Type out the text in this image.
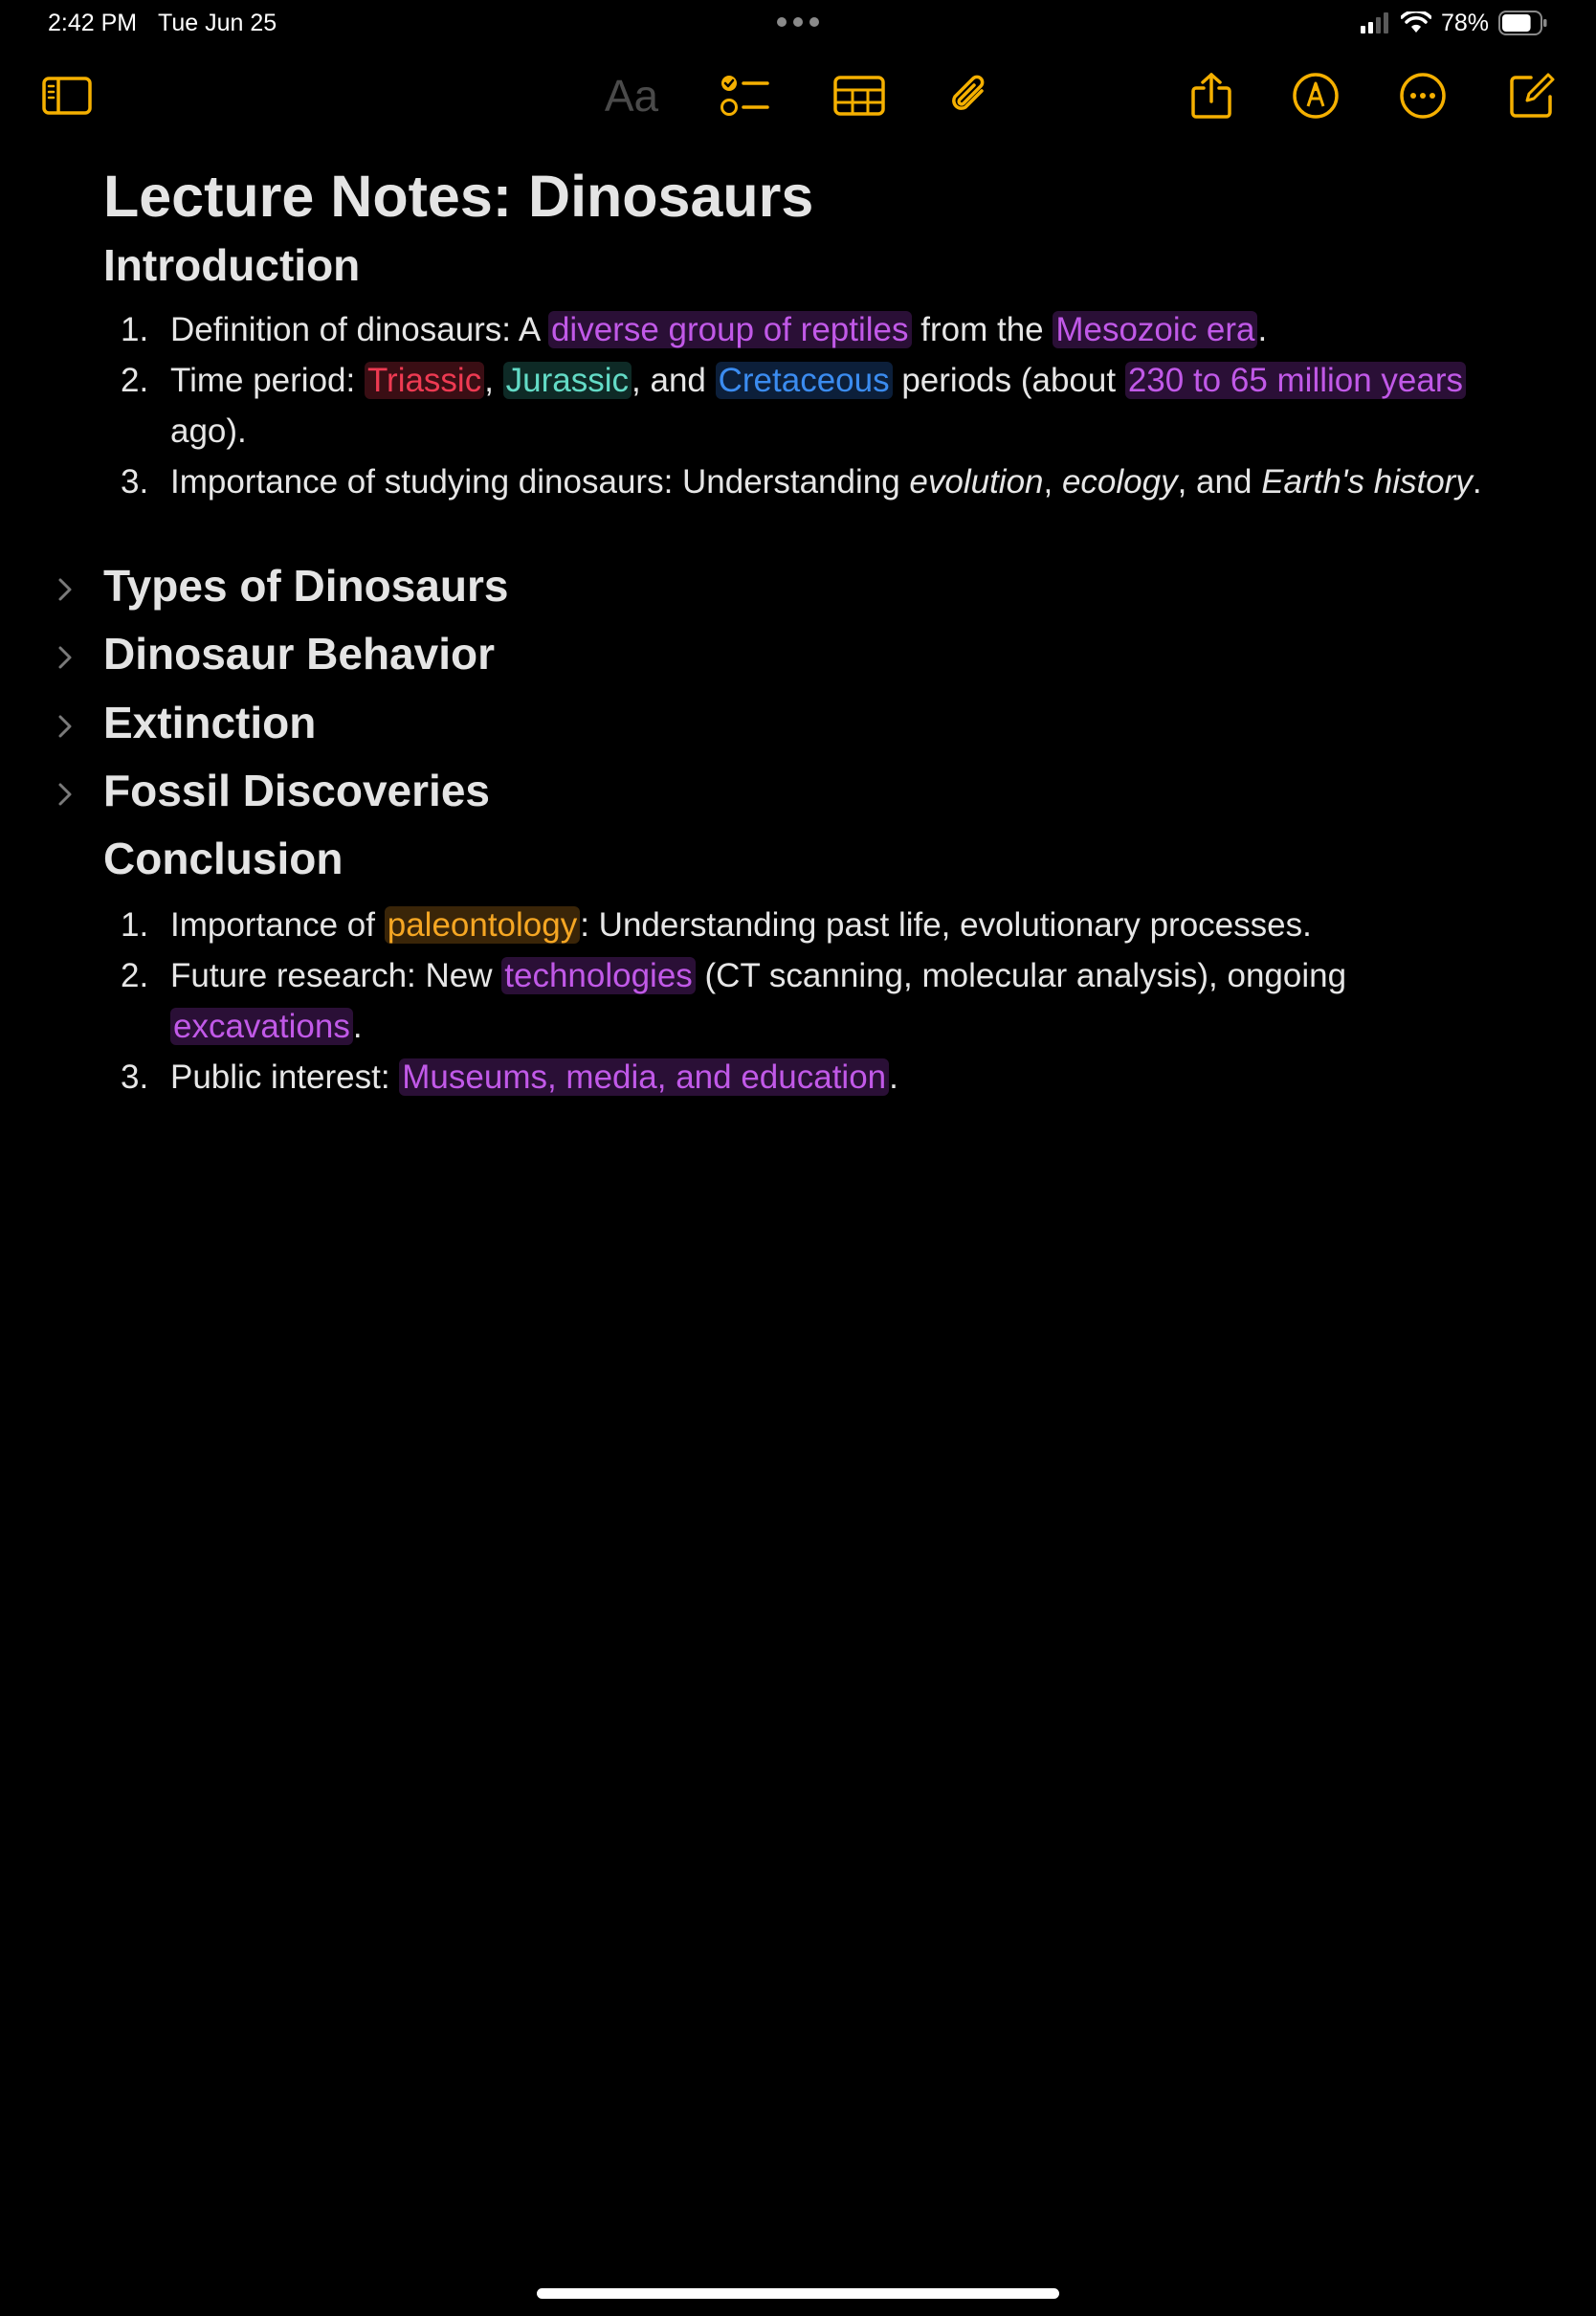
2:42 PM Tue Jun 25	78%
Aa
Lecture Notes: Dinosaurs
Introduction
1. Definition of dinosaurs: A diverse group of reptiles from the Mesozoic era.
2. Time period: Triassic, Jurassic, and Cretaceous periods (about 230 to 65 million years ago).
3. Importance of studying dinosaurs: Understanding evolution, ecology, and Earth's history.
Types of Dinosaurs
Dinosaur Behavior
Extinction
Fossil Discoveries
Conclusion
1. Importance of paleontology: Understanding past life, evolutionary processes.
2. Future research: New technologies (CT scanning, molecular analysis), ongoing excavations.
3. Public interest: Museums, media, and education.
